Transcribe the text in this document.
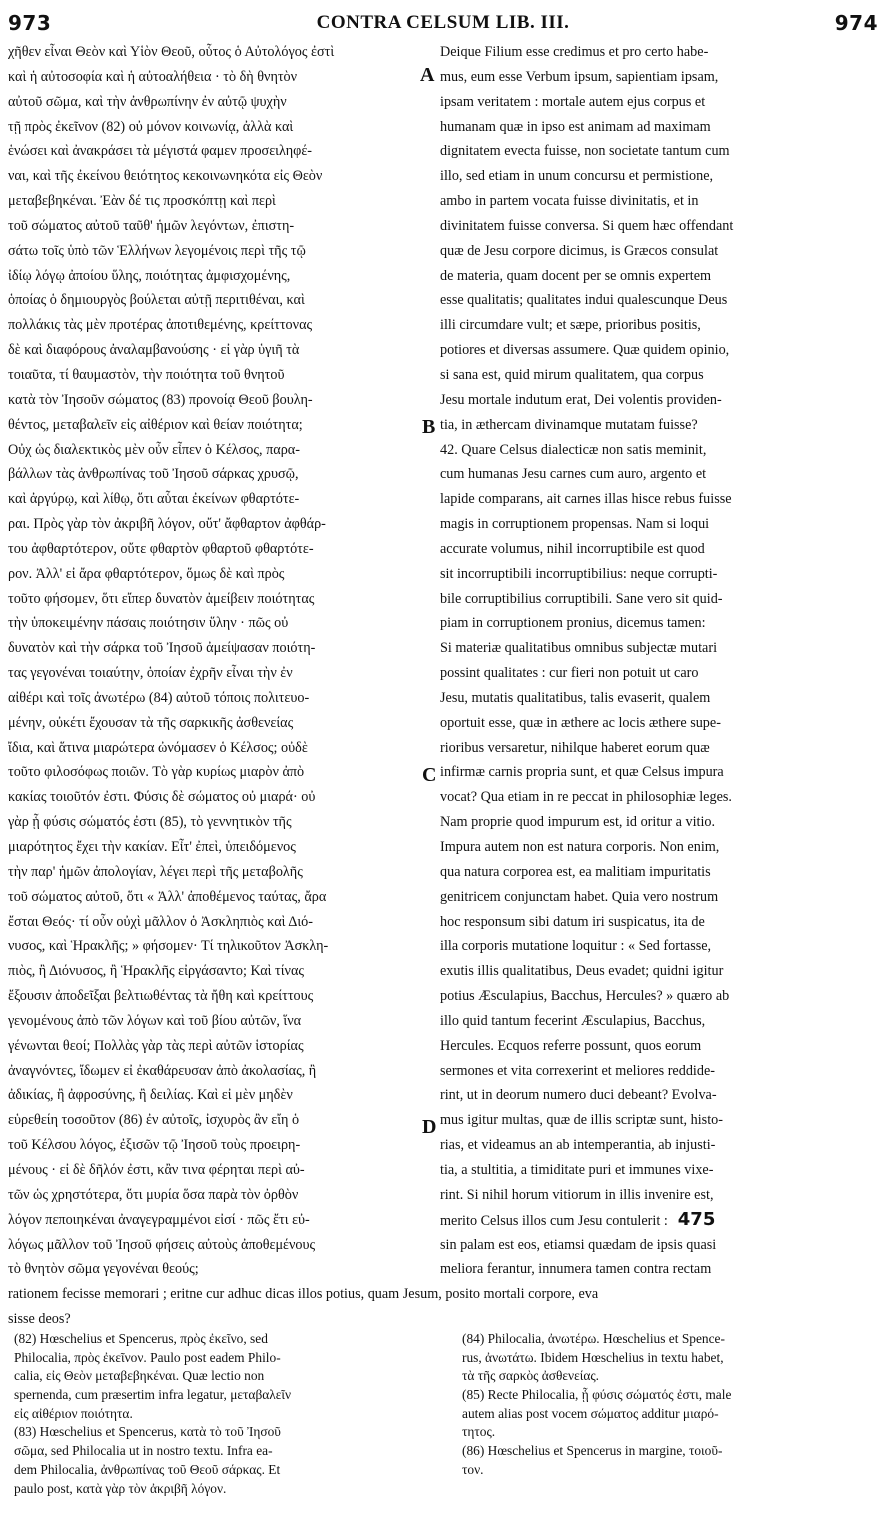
973	CONTRA CELSUM LIB. III.	974
χῆθεν εἶναι Θεὸν καὶ Υἱὸν Θεοῦ, οὗτος ὁ Αὐτολόγος ἐστὶ
καὶ ἡ αὐτοσοφία καὶ ἡ αὐτοαλήθεια · τὸ δὴ θνητὸν
αὐτοῦ σῶμα, καὶ τὴν ἀνθρωπίνην ἐν αὐτῷ ψυχὴν
τῇ πρὸς ἐκεῖνον (82) οὐ μόνον κοινωνίᾳ, ἀλλὰ καὶ
ἑνώσει καὶ ἀνακράσει τὰ μέγιστά φαμεν προσειληφέ-
ναι, καὶ τῆς ἐκείνου θειότητος κεκοινωνηκότα εἰς Θεὸν
μεταβεβηκέναι. Ἐὰν δέ τις προσκόπτῃ καὶ περὶ
τοῦ σώματος αὐτοῦ ταῦθ' ἡμῶν λεγόντων, ἐπιστη-
σάτω τοῖς ὑπὸ τῶν Ἑλλήνων λεγομένοις περὶ τῆς τῷ
ἰδίῳ λόγῳ ἀποίου ὕλης, ποιότητας ἀμφισχομένης,
ὁποίας ὁ δημιουργὸς βούλεται αὐτῇ περιτιθέναι, καὶ
πολλάκις τὰς μὲν προτέρας ἀποτιθεμένης, κρείττονας
δὲ καὶ διαφόρους ἀναλαμβανούσης · εἰ γὰρ ὑγιῆ τὰ
τοιαῦτα, τί θαυμαστὸν, τὴν ποιότητα τοῦ θνητοῦ
κατὰ τὸν Ἰησοῦν σώματος (83) προνοίᾳ Θεοῦ βουλη-
θέντος, μεταβαλεῖν εἰς αἰθέριον καὶ θείαν ποιότητα;
Οὐχ ὡς διαλεκτικὸς μὲν οὖν εἶπεν ὁ Κέλσος, παρα-
βάλλων τὰς ἀνθρωπίνας τοῦ Ἰησοῦ σάρκας χρυσῷ,
καὶ ἀργύρῳ, καὶ λίθῳ, ὅτι αὗται ἐκείνων φθαρτότε-
ραι. Πρὸς γὰρ τὸν ἀκριβῆ λόγον, οὔτ' ἄφθαρτον ἀφθάρ-
του ἀφθαρτότερον, οὔτε φθαρτὸν φθαρτοῦ φθαρτότε-
ρον. Ἀλλ' εἰ ἄρα φθαρτότερον, ὅμως δὲ καὶ πρὸς
τοῦτο φήσομεν, ὅτι εἴπερ δυνατὸν ἀμείβειν ποιότητας
τὴν ὑποκειμένην πάσαις ποιότησιν ὕλην · πῶς οὐ
δυνατὸν καὶ τὴν σάρκα τοῦ Ἰησοῦ ἀμείψασαν ποιότη-
τας γεγονέναι τοιαύτην, ὁποίαν ἐχρῆν εἶναι τὴν ἐν
αἰθέρι καὶ τοῖς ἀνωτέρω (84) αὐτοῦ τόποις πολιτευο-
μένην, οὐκέτι ἔχουσαν τὰ τῆς σαρκικῆς ἀσθενείας
ἴδια, καὶ ἅτινα μιαρώτερα ὠνόμασεν ὁ Κέλσος; οὐδὲ
τοῦτο φιλοσόφως ποιῶν. Τὸ γὰρ κυρίως μιαρὸν ἀπὸ
κακίας τοιοῦτόν ἐστι. Φύσις δὲ σώματος οὐ μιαρά· οὐ
γὰρ ᾗ φύσις σώματός ἐστι (85), τὸ γεννητικὸν τῆς
μιαρότητος ἔχει τὴν κακίαν. Εἶτ' ἐπεὶ, ὑπειδόμενος
τὴν παρ' ἡμῶν ἀπολογίαν, λέγει περὶ τῆς μεταβολῆς
τοῦ σώματος αὐτοῦ, ὅτι « Ἀλλ' ἀποθέμενος ταύτας, ἄρα
ἔσται Θεός· τί οὖν οὐχὶ μᾶλλον ὁ Ἀσκληπιὸς καὶ Διό-
νυσος, καὶ Ἡρακλῆς; » φήσομεν· Τί τηλικοῦτον Ἀσκλη-
πιὸς, ἢ Διόνυσος, ἢ Ἡρακλῆς εἰργάσαντο; Καὶ τίνας
ἔξουσιν ἀποδεῖξαι βελτιωθέντας τὰ ἤθη καὶ κρείττους
γενομένους ἀπὸ τῶν λόγων καὶ τοῦ βίου αὐτῶν, ἵνα
γένωνται θεοί; Πολλὰς γὰρ τὰς περὶ αὐτῶν ἱστορίας
ἀναγνόντες, ἴδωμεν εἰ ἐκαθάρευσαν ἀπὸ ἀκολασίας, ἢ
ἀδικίας, ἢ ἀφροσύνης, ἢ δειλίας. Καὶ εἰ μὲν μηδὲν
εὑρεθείη τοσοῦτον (86) ἐν αὐτοῖς, ἰσχυρὸς ἂν εἴη ὁ
τοῦ Κέλσου λόγος, ἐξισῶν τῷ Ἰησοῦ τοὺς προειρη-
μένους · εἰ δὲ δῆλόν ἐστι, κἂν τινα φέρηται περὶ αὐ-
τῶν ὡς χρηστότερα, ὅτι μυρία ὅσα παρὰ τὸν ὀρθὸν
λόγον πεποιηκέναι ἀναγεγραμμένοι εἰσί · πῶς ἔτι εὐ-
λόγως μᾶλλον τοῦ Ἰησοῦ φήσεις αὐτοὺς ἀποθεμένους
τὸ θνητὸν σῶμα γεγονέναι θεούς;
Deique Filium esse credimus et pro certo habe-
mus, eum esse Verbum ipsum, sapientiam ipsam,
ipsam veritatem : mortale autem ejus corpus et
humanam quæ in ipso est animam ad maximam
dignitatem evecta fuisse, non societate tantum cum
illo, sed etiam in unum concursu et permistione,
ambo in partem vocata fuisse divinitatis, et in
divinitatem fuisse conversa. Si quem hæc offendant
quæ de Jesu corpore dicimus, is Græcos consulat
de materia, quam docent per se omnis expertem
esse qualitatis; qualitates indui qualescunque Deus
illi circumdare vult; et sæpe, prioribus positis,
potiores et diversas assumere. Quæ quidem opinio,
si sana est, quid mirum qualitatem, qua corpus
Jesu mortale indutum erat, Dei volentis providen-
tia, in æthercam divinamque mutatam fuisse?
42. Quare Celsus dialecticæ non satis meminit,
cum humanas Jesu carnes cum auro, argento et
lapide comparans, ait carnes illas hisce rebus fuisse
magis in corruptionem propensas. Nam si loqui
accurate volumus, nihil incorruptibile est quod
sit incorruptibili incorruptibilius: neque corrupti-
bile corruptibilius corruptibili. Sane vero sit quid-
piam in corruptionem pronius, dicemus tamen:
Si materiæ qualitatibus omnibus subjectæ mutari
possint qualitates : cur fieri non potuit ut caro
Jesu, mutatis qualitatibus, talis evaserit, qualem
oportuit esse, quæ in æthere ac locis æthere supe-
rioribus versaretur, nihilque haberet eorum quæ
infirmæ carnis propria sunt, et quæ Celsus impura
vocat? Qua etiam in re peccat in philosophiæ leges.
Nam proprie quod impurum est, id oritur a vitio.
Impura autem non est natura corporis. Non enim,
qua natura corporea est, ea malitiam impuritatis
genitricem conjunctam habet. Quia vero nostrum
hoc responsum sibi datum iri suspicatus, ita de
illa corporis mutatione loquitur : « Sed fortasse,
exutis illis qualitatibus, Deus evadet; quidni igitur
potius Æsculapius, Bacchus, Hercules? » quæro ab
illo quid tantum fecerint Æsculapius, Bacchus,
Hercules. Ecquos referre possunt, quos eorum
sermones et vita correxerint et meliores reddide-
rint, ut in deorum numero duci debeant? Evolva-
mus igitur multas, quæ de illis scriptæ sunt, histo-
rias, et videamus an ab intemperantia, ab injusti-
tia, a stultitia, a timiditate puri et immunes vixe-
rint. Si nihil horum vitiorum in illis invenire est,
merito Celsus illos cum Jesu contulerit : 475
sin palam est eos, etiamsi quædam de ipsis quasi
meliora ferantur, innumera tamen contra rectam
A
B
C
D
rationem fecisse memorari ; eritne cur adhuc dicas illos potius, quam Jesum, posito mortali corpore, eva
sisse deos?
(82) Hœschelius et Spencerus, πρὸς ἐκεῖνο, sed
Philocalia, πρὸς ἐκεῖνον. Paulo post eadem Philo-
calia, εἰς Θεὸν μεταβεβηκέναι. Quæ lectio non
spernenda, cum præsertim infra legatur, μεταβαλεῖν
εἰς αἰθέριον ποιότητα.
(83) Hœschelius et Spencerus, κατὰ τὸ τοῦ Ἰησοῦ
σῶμα, sed Philocalia ut in nostro textu. Infra ea-
dem Philocalia, ἀνθρωπίνας τοῦ Θεοῦ σάρκας. Et
paulo post, κατὰ γὰρ τὸν ἀκριβῆ λόγον.
(84) Philocalia, ἀνωτέρω. Hœschelius et Spence-
rus, ἀνωτάτω. Ibidem Hœschelius in textu habet,
τὰ τῆς σαρκὸς ἀσθενείας.
(85) Recte Philocalia, ᾗ φύσις σώματός ἐστι, male
autem alias post vocem σώματος additur μιαρό-
τητος.
(86) Hœschelius et Spencerus in margine, τοιοῦ-
τον.
